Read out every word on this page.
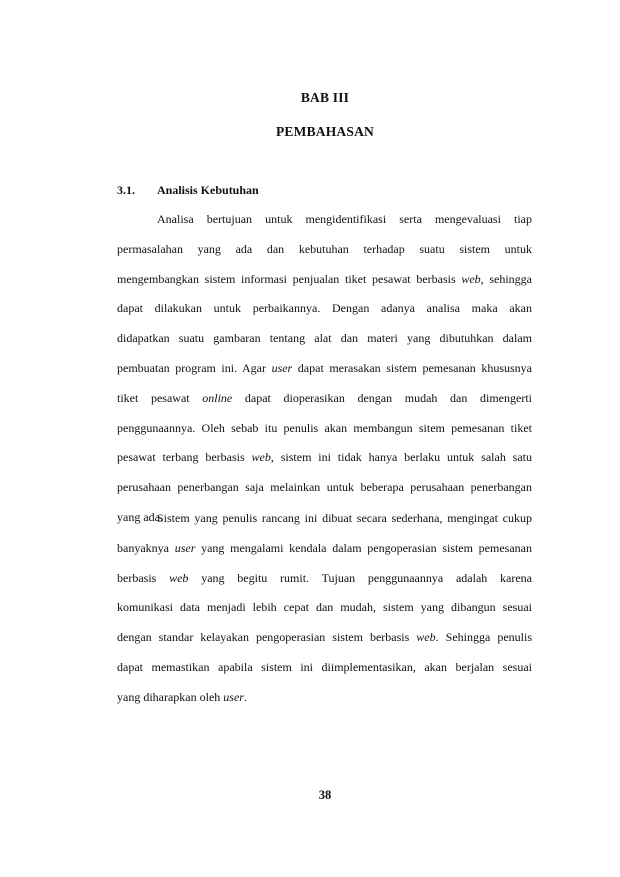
BAB III
PEMBAHASAN
3.1. Analisis Kebutuhan
Analisa bertujuan untuk mengidentifikasi serta mengevaluasi tiap
permasalahan yang ada dan kebutuhan terhadap suatu sistem untuk
mengembangkan sistem informasi penjualan tiket pesawat berbasis web, sehingga
dapat dilakukan untuk perbaikannya. Dengan adanya analisa maka akan
didapatkan suatu gambaran tentang alat dan materi yang dibutuhkan dalam
pembuatan program ini. Agar user dapat merasakan sistem pemesanan khususnya
tiket pesawat online dapat dioperasikan dengan mudah dan dimengerti
penggunaannya. Oleh sebab itu penulis akan membangun sitem pemesanan tiket
pesawat terbang berbasis web, sistem ini tidak hanya berlaku untuk salah satu
perusahaan penerbangan saja melainkan untuk beberapa perusahaan penerbangan
yang ada.
Sistem yang penulis rancang ini dibuat secara sederhana, mengingat cukup
banyaknya user yang mengalami kendala dalam pengoperasian sistem pemesanan
berbasis web yang begitu rumit. Tujuan penggunaannya adalah karena
komunikasi data menjadi lebih cepat dan mudah, sistem yang dibangun sesuai
dengan standar kelayakan pengoperasian sistem berbasis web. Sehingga penulis
dapat memastikan apabila sistem ini diimplementasikan, akan berjalan sesuai
yang diharapkan oleh user.
38
